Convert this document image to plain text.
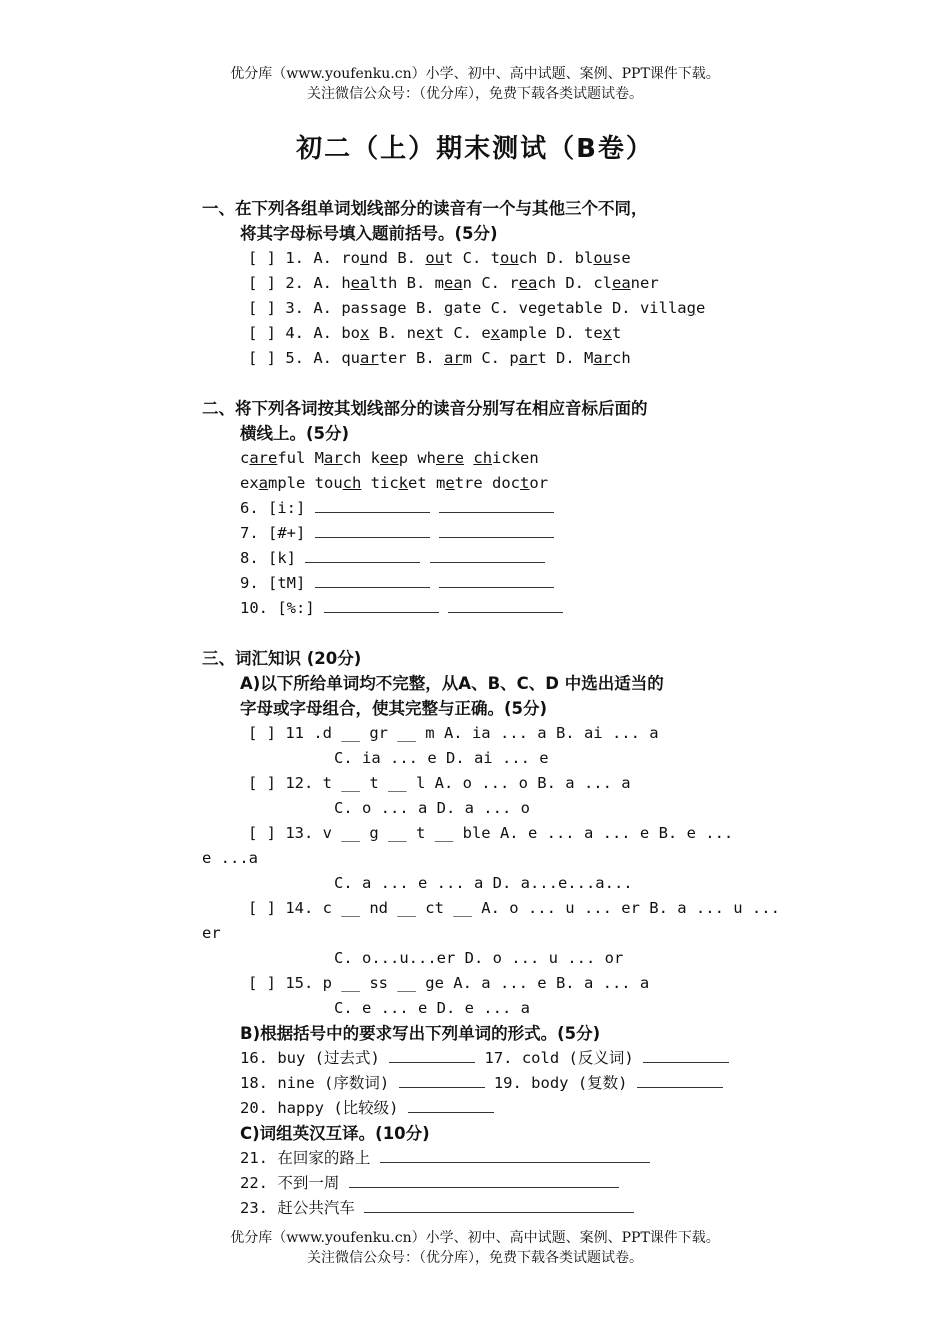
优分库（www.youfenku.cn）小学、初中、高中试题、案例、PPT课件下载。
关注微信公众号：（优分库），免费下载各类试题试卷。
初二（上）期末测试（B卷）
一、在下列各组单词划线部分的读音有一个与其他三个不同，
将其字母标号填入题前括号。(5分)
[ ] 1. A. round B. out C. touch D. blouse
[ ] 2. A. health B. mean C. reach D. cleaner
[ ] 3. A. passage B. gate C. vegetable D. village
[ ] 4. A. box B. next C. example D. text
[ ] 5. A. quarter B. arm C. part D. March
二、将下列各词按其划线部分的读音分别写在相应音标后面的
横线上。(5分)
careful March keep where chicken
example touch ticket metre doctor
6. [i:]
7. [#+]
8. [k]
9. [tM]
10. [%:]
三、词汇知识 (20分)
A)以下所给单词均不完整，从A、B、C、D 中选出适当的
字母或字母组合，使其完整与正确。(5分)
[ ] 11 .d __ gr __ m A. ia ... a B. ai ... a
C. ia ... e D. ai ... e
[ ] 12. t __ t __ l A. o ... o B. a ... a
C. o ... a D. a ... o
[ ] 13. v __ g __ t __ ble A. e ... a ... e B. e ...
e ...a
C. a ... e ... a D. a...e...a...
[ ] 14. c __ nd __ ct __ A. o ... u ... er B. a ... u ...
er
C. o...u...er D. o ... u ... or
[ ] 15. p __ ss __ ge A. a ... e B. a ... a
C. e ... e D. e ... a
B)根据括号中的要求写出下列单词的形式。(5分)
16. buy (过去式)	17. cold (反义词)
18. nine (序数词)	19. body (复数)
20. happy (比较级)
C)词组英汉互译。(10分)
21. 在回家的路上
22. 不到一周
23. 赶公共汽车
优分库（www.youfenku.cn）小学、初中、高中试题、案例、PPT课件下载。
关注微信公众号：（优分库），免费下载各类试题试卷。
